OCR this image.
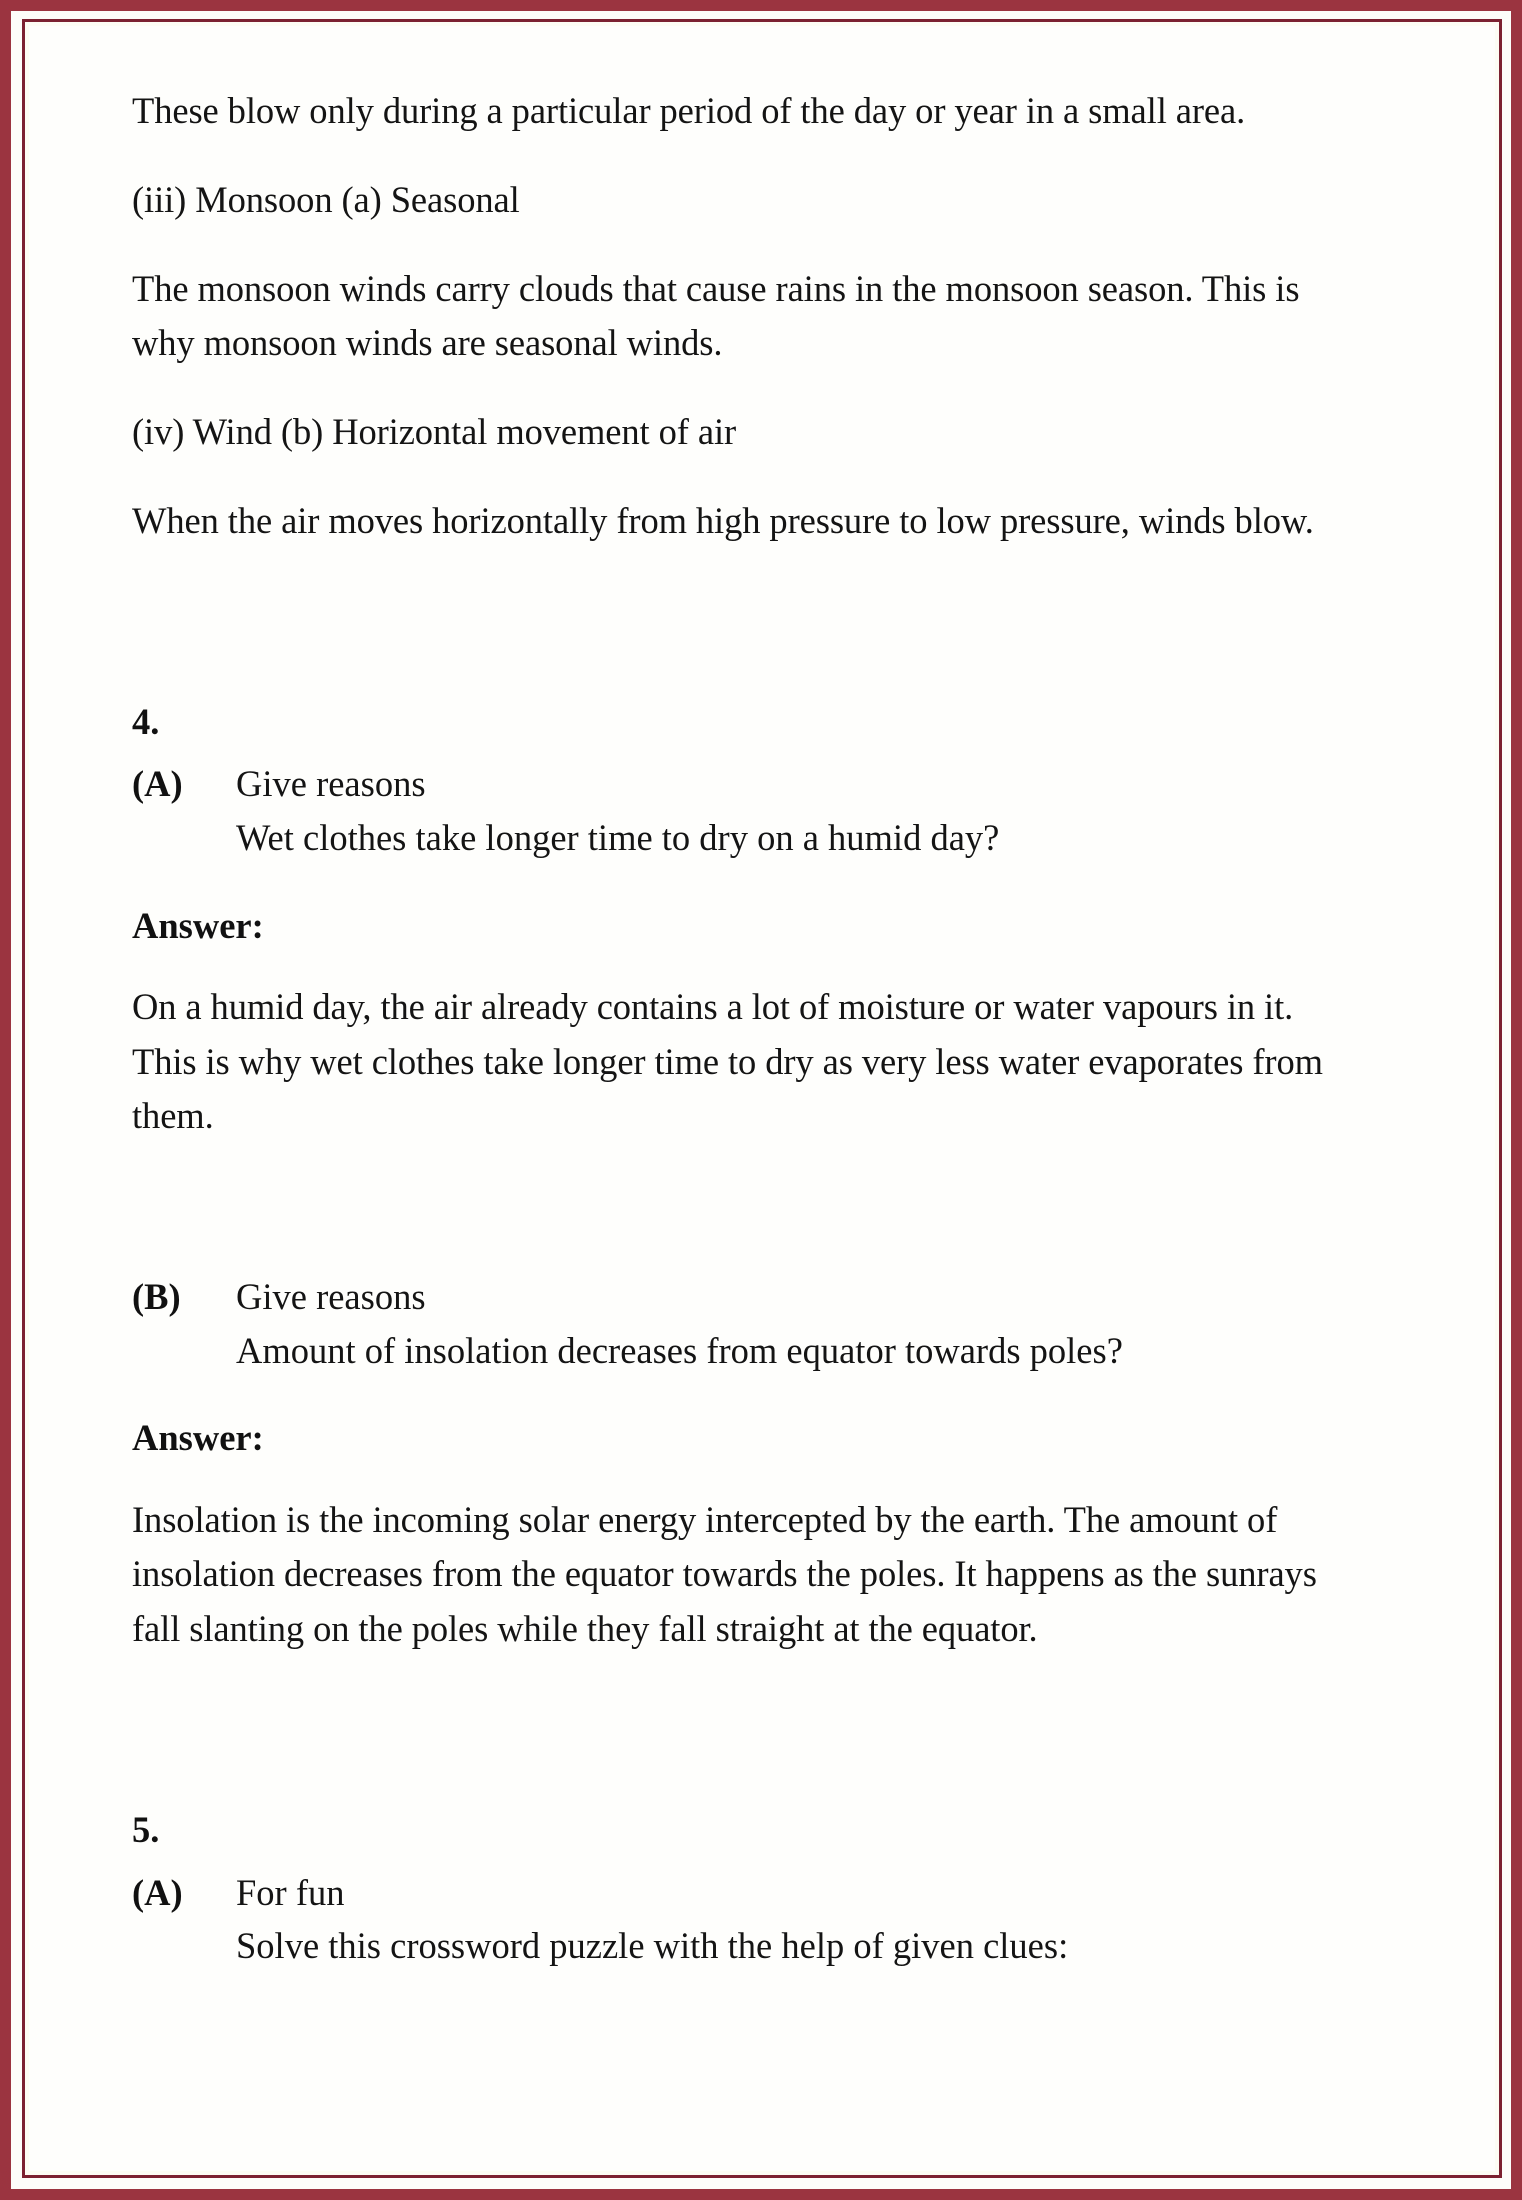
These blow only during a particular period of the day or year in a small area.

(iii) Monsoon (a) Seasonal

The monsoon winds carry clouds that cause rains in the monsoon season. This is why monsoon winds are seasonal winds.

(iv) Wind (b) Horizontal movement of air

When the air moves horizontally from high pressure to low pressure, winds blow.

4.

(A) Give reasons
Wet clothes take longer time to dry on a humid day?

Answer:

On a humid day, the air already contains a lot of moisture or water vapours in it. This is why wet clothes take longer time to dry as very less water evaporates from them.

(B) Give reasons
Amount of insolation decreases from equator towards poles?

Answer:

Insolation is the incoming solar energy intercepted by the earth. The amount of insolation decreases from the equator towards the poles. It happens as the sunrays fall slanting on the poles while they fall straight at the equator.

5.

(A) For fun
Solve this crossword puzzle with the help of given clues:
